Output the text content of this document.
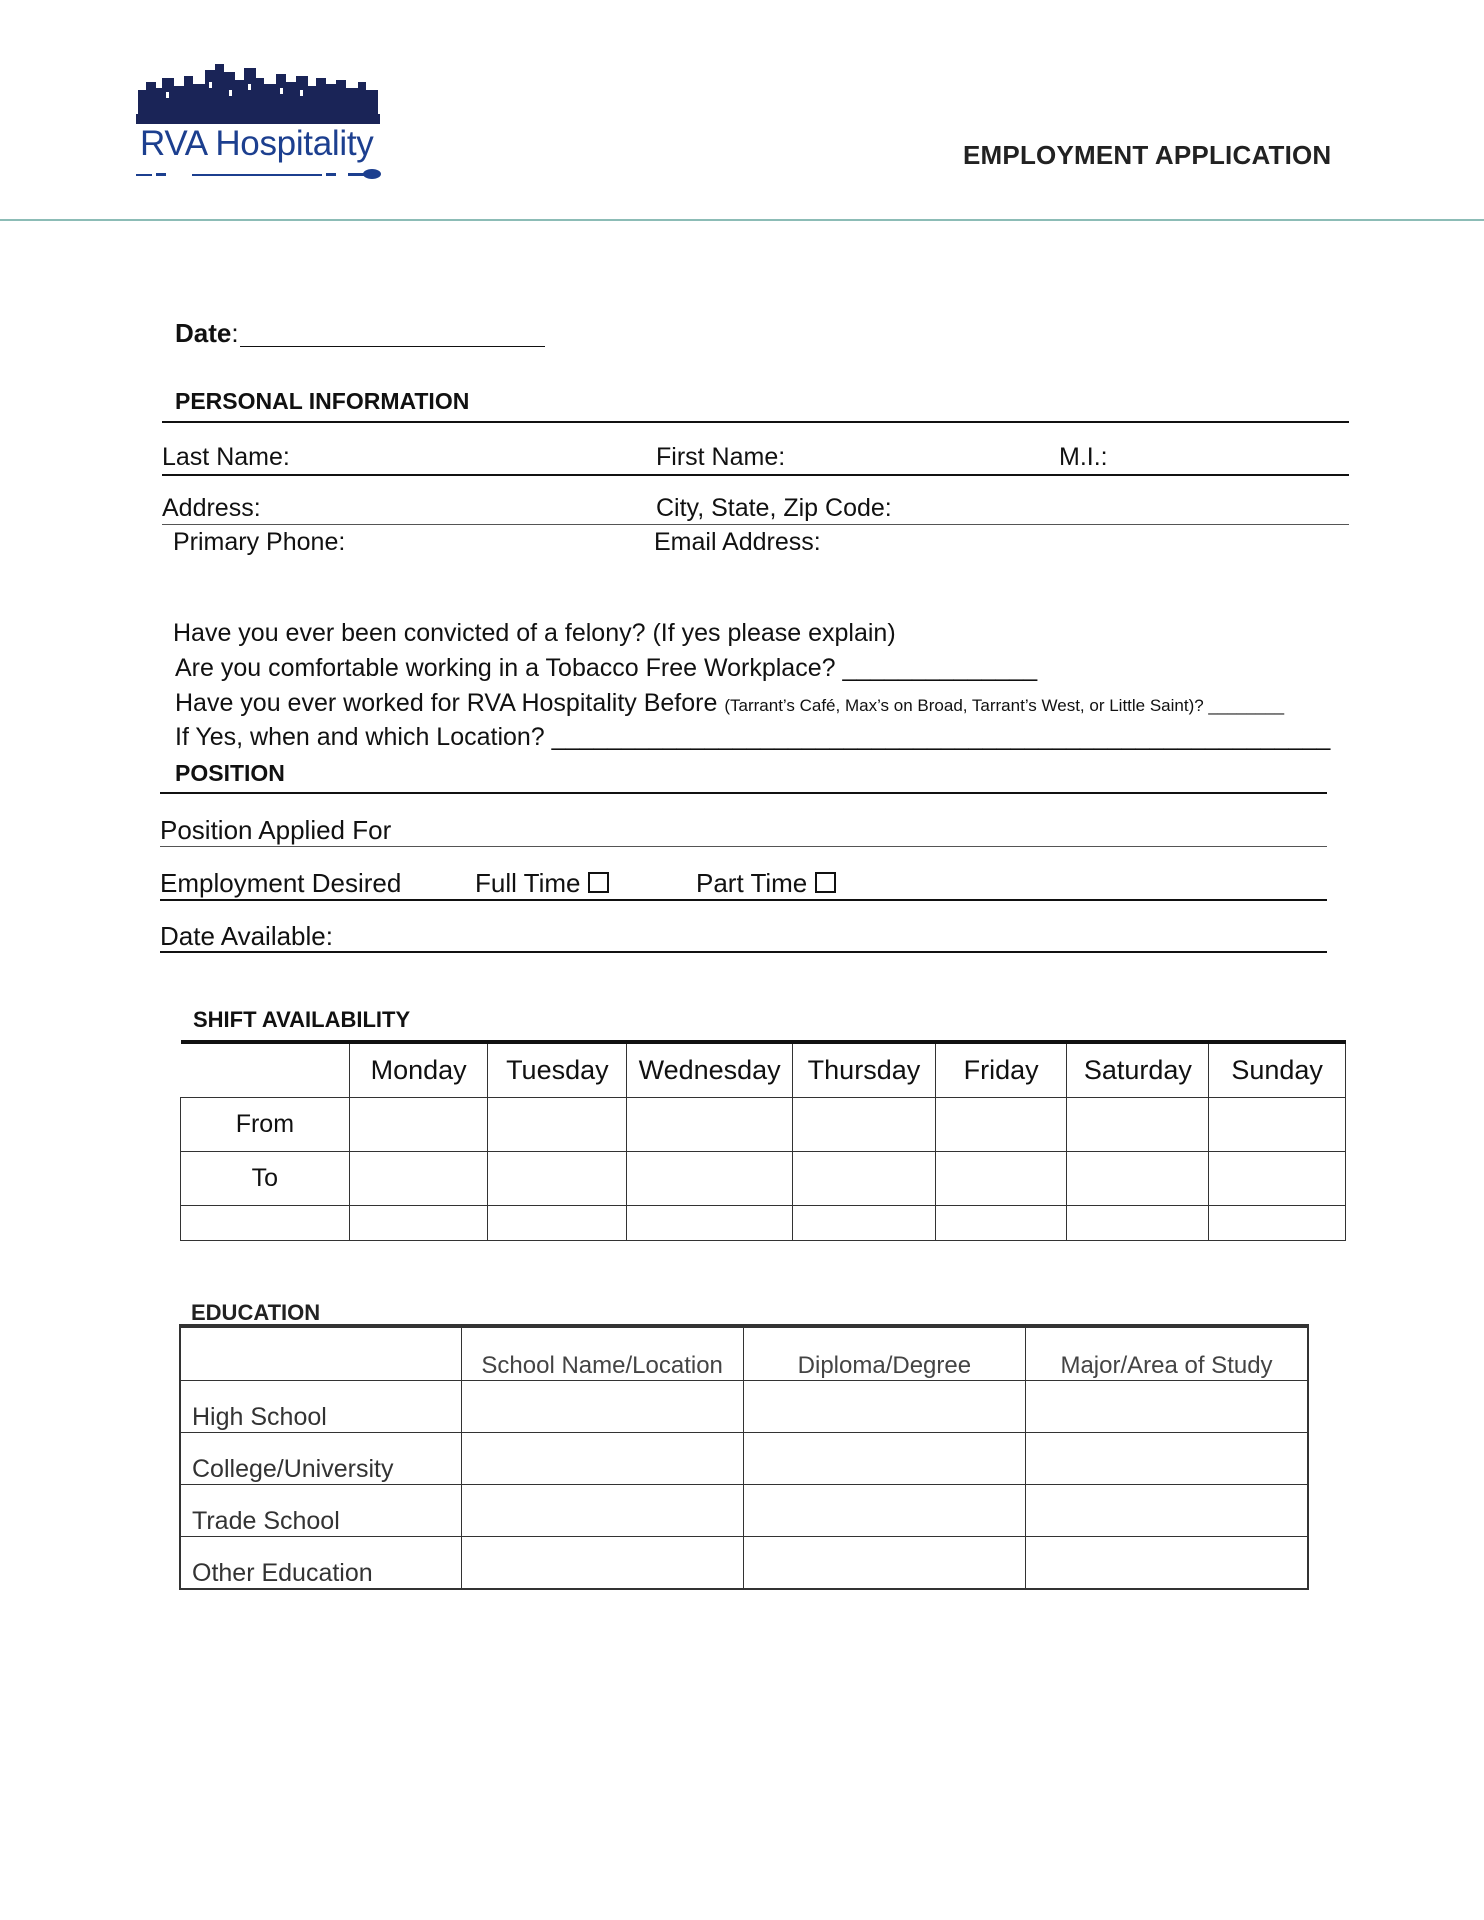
RVA Hospitality	EMPLOYMENT APPLICATION
Date:
PERSONAL INFORMATION
Last Name:	First Name:	M.I.:
Address:	City, State, Zip Code:
Primary Phone:	Email Address:
Have you ever been convicted of a felony? (If yes please explain)
Are you comfortable working in a Tobacco Free Workplace? ______________
Have you ever worked for RVA Hospitality Before (Tarrant’s Café, Max’s on Broad, Tarrant’s West, or Little Saint)? ________
If Yes, when and which Location? ________________________________________________________
POSITION
Position Applied For
Employment Desired	Full Time	Part Time
Date Available:
SHIFT AVAILABILITY
	Monday	Tuesday	Wednesday	Thursday	Friday	Saturday	Sunday
From							
To							

EDUCATION
	School Name/Location	Diploma/Degree	Major/Area of Study
High School			
College/University			
Trade School			
Other Education			
